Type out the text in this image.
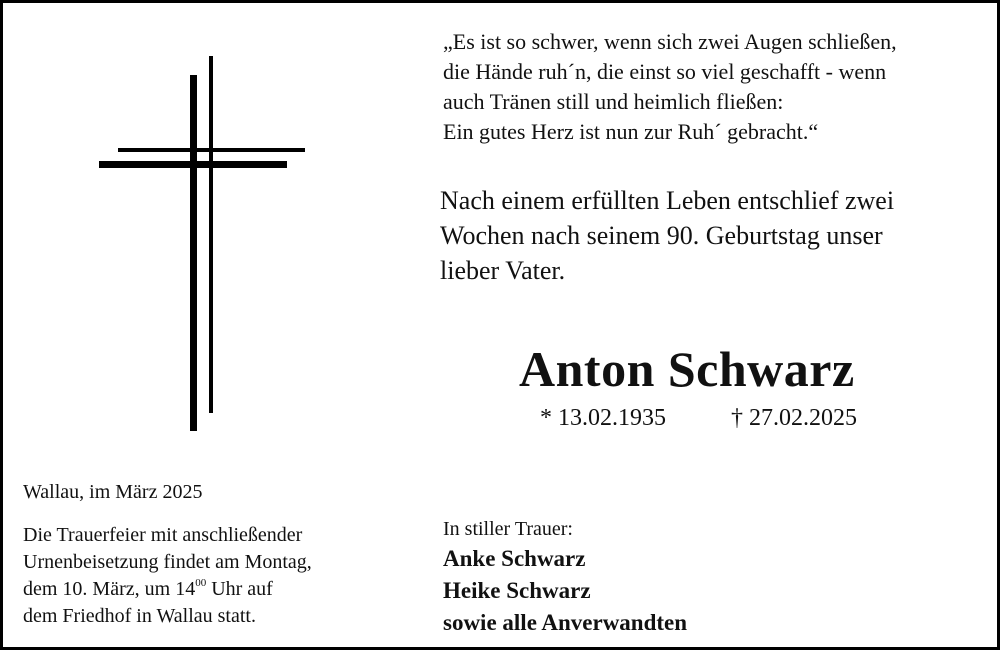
„Es ist so schwer, wenn sich zwei Augen schließen,
die Hände ruh´n, die einst so viel geschafft - wenn
auch Tränen still und heimlich fließen:
Ein gutes Herz ist nun zur Ruh´ gebracht.“

Nach einem erfüllten Leben entschlief zwei
Wochen nach seinem 90. Geburtstag unser
lieber Vater.

Anton Schwarz
* 13.02.1935	† 27.02.2025
Wallau, im März 2025

Die Trauerfeier mit anschließender
Urnenbeisetzung findet am Montag,
dem 10. März, um $14^{00}$ Uhr auf
dem Friedhof in Wallau statt.

In stiller Trauer:
Anke Schwarz
Heike Schwarz
sowie alle Anverwandten
